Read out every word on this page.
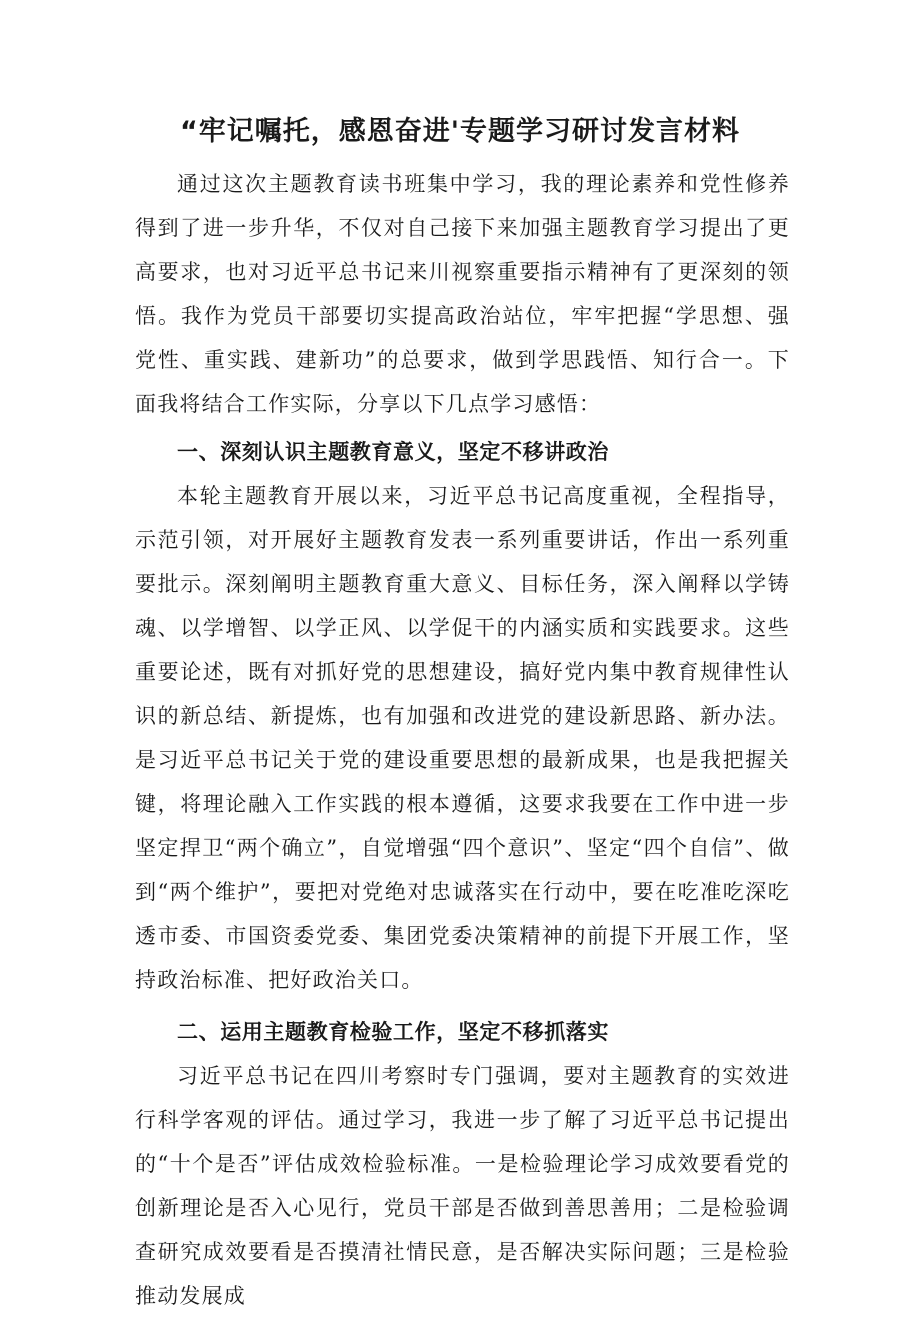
“牢记嘱托，感恩奋进'专题学习研讨发言材料

通过这次主题教育读书班集中学习，我的理论素养和党性修养得到了进一步升华，不仅对自己接下来加强主题教育学习提出了更高要求，也对习近平总书记来川视察重要指示精神有了更深刻的领悟。我作为党员干部要切实提高政治站位，牢牢把握“学思想、强党性、重实践、建新功”的总要求，做到学思践悟、知行合一。下面我将结合工作实际，分享以下几点学习感悟：

一、深刻认识主题教育意义，坚定不移讲政治

本轮主题教育开展以来，习近平总书记高度重视，全程指导，示范引领，对开展好主题教育发表一系列重要讲话，作出一系列重要批示。深刻阐明主题教育重大意义、目标任务，深入阐释以学铸魂、以学增智、以学正风、以学促干的内涵实质和实践要求。这些重要论述，既有对抓好党的思想建设，搞好党内集中教育规律性认识的新总结、新提炼，也有加强和改进党的建设新思路、新办法。是习近平总书记关于党的建设重要思想的最新成果，也是我把握关键，将理论融入工作实践的根本遵循，这要求我要在工作中进一步坚定捍卫“两个确立”，自觉增强“四个意识”、坚定“四个自信”、做到“两个维护”，要把对党绝对忠诚落实在行动中，要在吃准吃深吃透市委、市国资委党委、集团党委决策精神的前提下开展工作，坚持政治标准、把好政治关口。

二、运用主题教育检验工作，坚定不移抓落实

习近平总书记在四川考察时专门强调，要对主题教育的实效进行科学客观的评估。通过学习，我进一步了解了习近平总书记提出的“十个是否”评估成效检验标准。一是检验理论学习成效要看党的创新理论是否入心见行，党员干部是否做到善思善用；二是检验调查研究成效要看是否摸清社情民意，是否解决实际问题；三是检验推动发展成
